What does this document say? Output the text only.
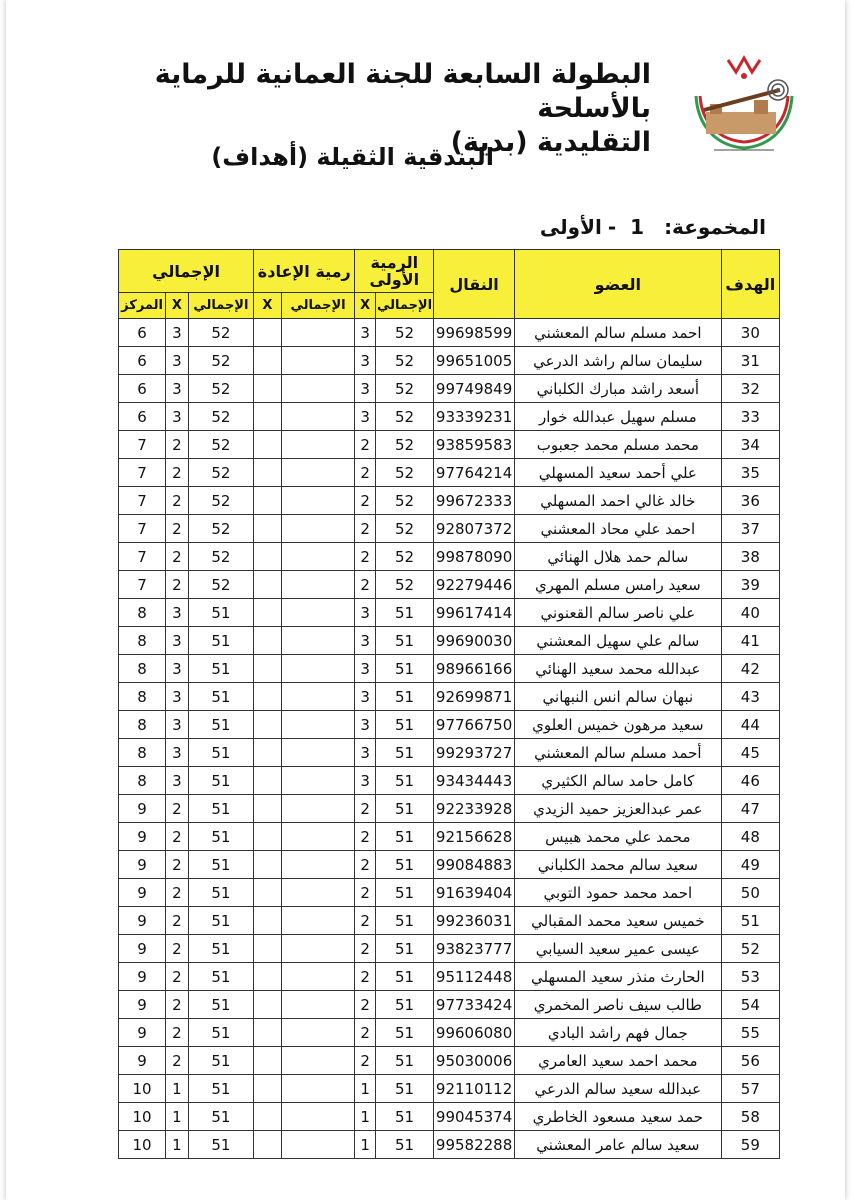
البطولة السابعة للجنة العمانية للرماية بالأسلحة
التقليدية (بدية)
البندقية الثقيلة (أهداف)
المخموعة:1-الأولى
الهدف	العضو	النقال	الرمية الأولى		رمية الإعادة		الإجمالي		
			الإجمالي	X	الإجمالي	X	الإجمالي	X	المركز
30	احمد مسلم سالم المعشني	99698599	52	3			52	3	6
31	سليمان سالم راشد الدرعي	99651005	52	3			52	3	6
32	أسعد راشد مبارك الكلباني	99749849	52	3			52	3	6
33	مسلم سهيل عبدالله خوار	93339231	52	3			52	3	6
34	محمد مسلم محمد جعبوب	93859583	52	2			52	2	7
35	علي أحمد سعيد المسهلي	97764214	52	2			52	2	7
36	خالد غالي احمد المسهلي	99672333	52	2			52	2	7
37	احمد علي محاد المعشني	92807372	52	2			52	2	7
38	سالم حمد هلال الهنائي	99878090	52	2			52	2	7
39	سعيد رامس مسلم المهري	92279446	52	2			52	2	7
40	علي ناصر سالم القعنوني	99617414	51	3			51	3	8
41	سالم علي سهيل المعشني	99690030	51	3			51	3	8
42	عبدالله محمد سعيد الهنائي	98966166	51	3			51	3	8
43	نبهان سالم انس النبهاني	92699871	51	3			51	3	8
44	سعيد مرهون خميس العلوي	97766750	51	3			51	3	8
45	أحمد مسلم سالم المعشني	99293727	51	3			51	3	8
46	كامل حامد سالم الكثيري	93434443	51	3			51	3	8
47	عمر عبدالعزيز حميد الزيدي	92233928	51	2			51	2	9
48	محمد علي محمد هبيس	92156628	51	2			51	2	9
49	سعيد سالم محمد الكلباني	99084883	51	2			51	2	9
50	احمد محمد حمود التوبي	91639404	51	2			51	2	9
51	خميس سعيد محمد المقبالي	99236031	51	2			51	2	9
52	عيسى عمير سعيد السيابي	93823777	51	2			51	2	9
53	الحارث منذر سعيد المسهلي	95112448	51	2			51	2	9
54	طالب سيف ناصر المخمري	97733424	51	2			51	2	9
55	جمال فهم راشد البادي	99606080	51	2			51	2	9
56	محمد احمد سعيد العامري	95030006	51	2			51	2	9
57	عبدالله سعيد سالم الدرعي	92110112	51	1			51	1	10
58	حمد سعيد مسعود الخاطري	99045374	51	1			51	1	10
59	سعيد سالم عامر المعشني	99582288	51	1			51	1	10
